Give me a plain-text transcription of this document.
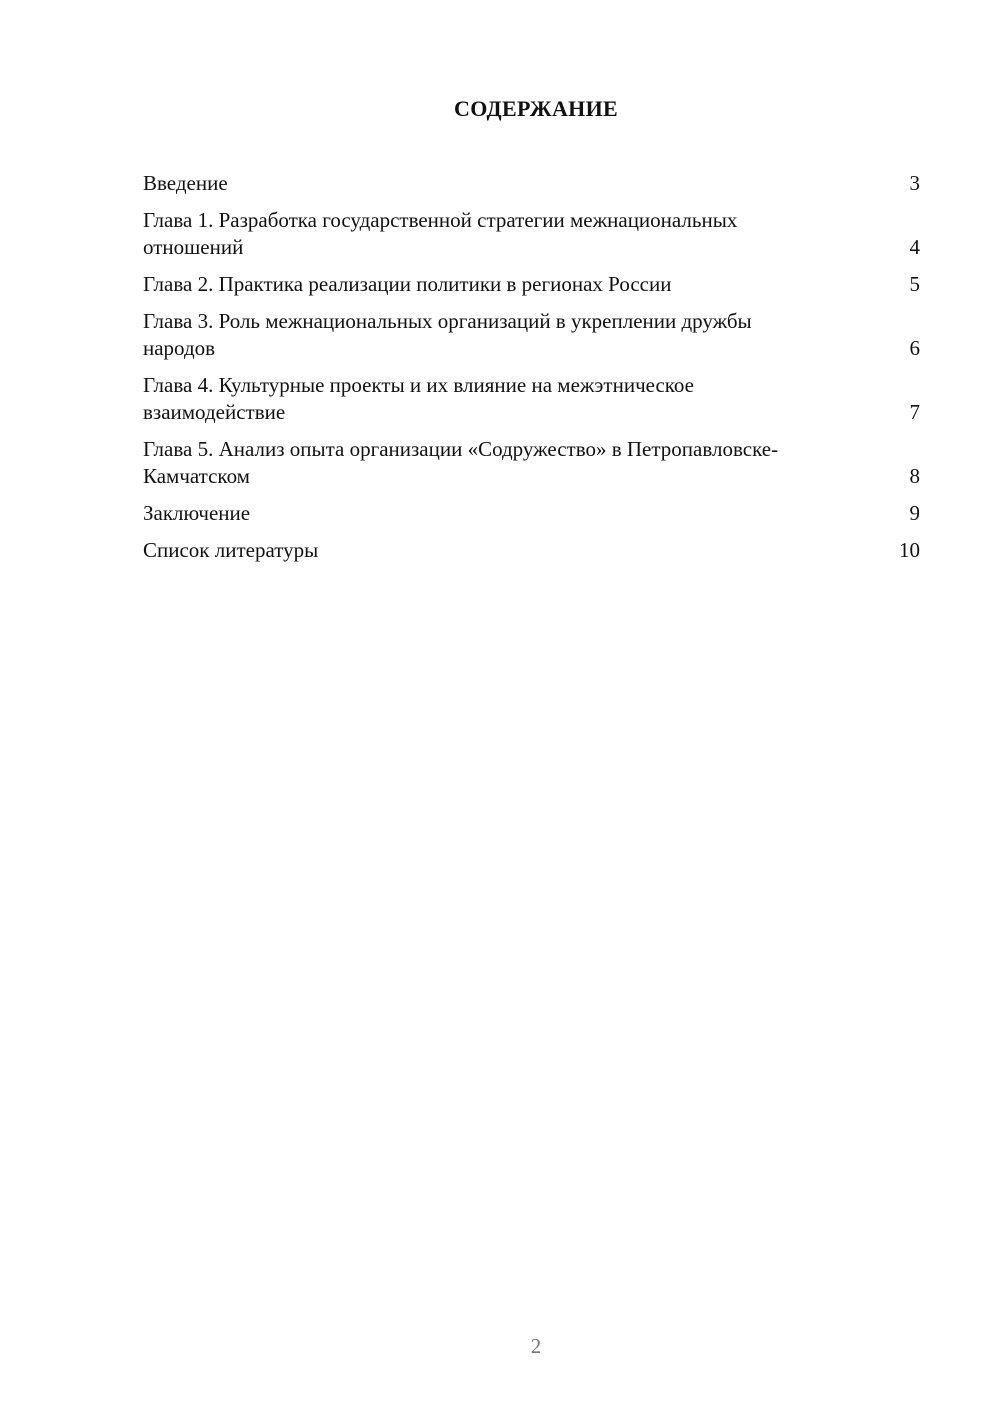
СОДЕРЖАНИЕ
Введение	3
Глава 1. Разработка государственной стратегии межнациональных отношений	4
Глава 2. Практика реализации политики в регионах России	5
Глава 3. Роль межнациональных организаций в укреплении дружбы народов	6
Глава 4. Культурные проекты и их влияние на межэтническое взаимодействие	7
Глава 5. Анализ опыта организации «Содружество» в Петропавловске-Камчатском	8
Заключение	9
Список литературы	10
2
